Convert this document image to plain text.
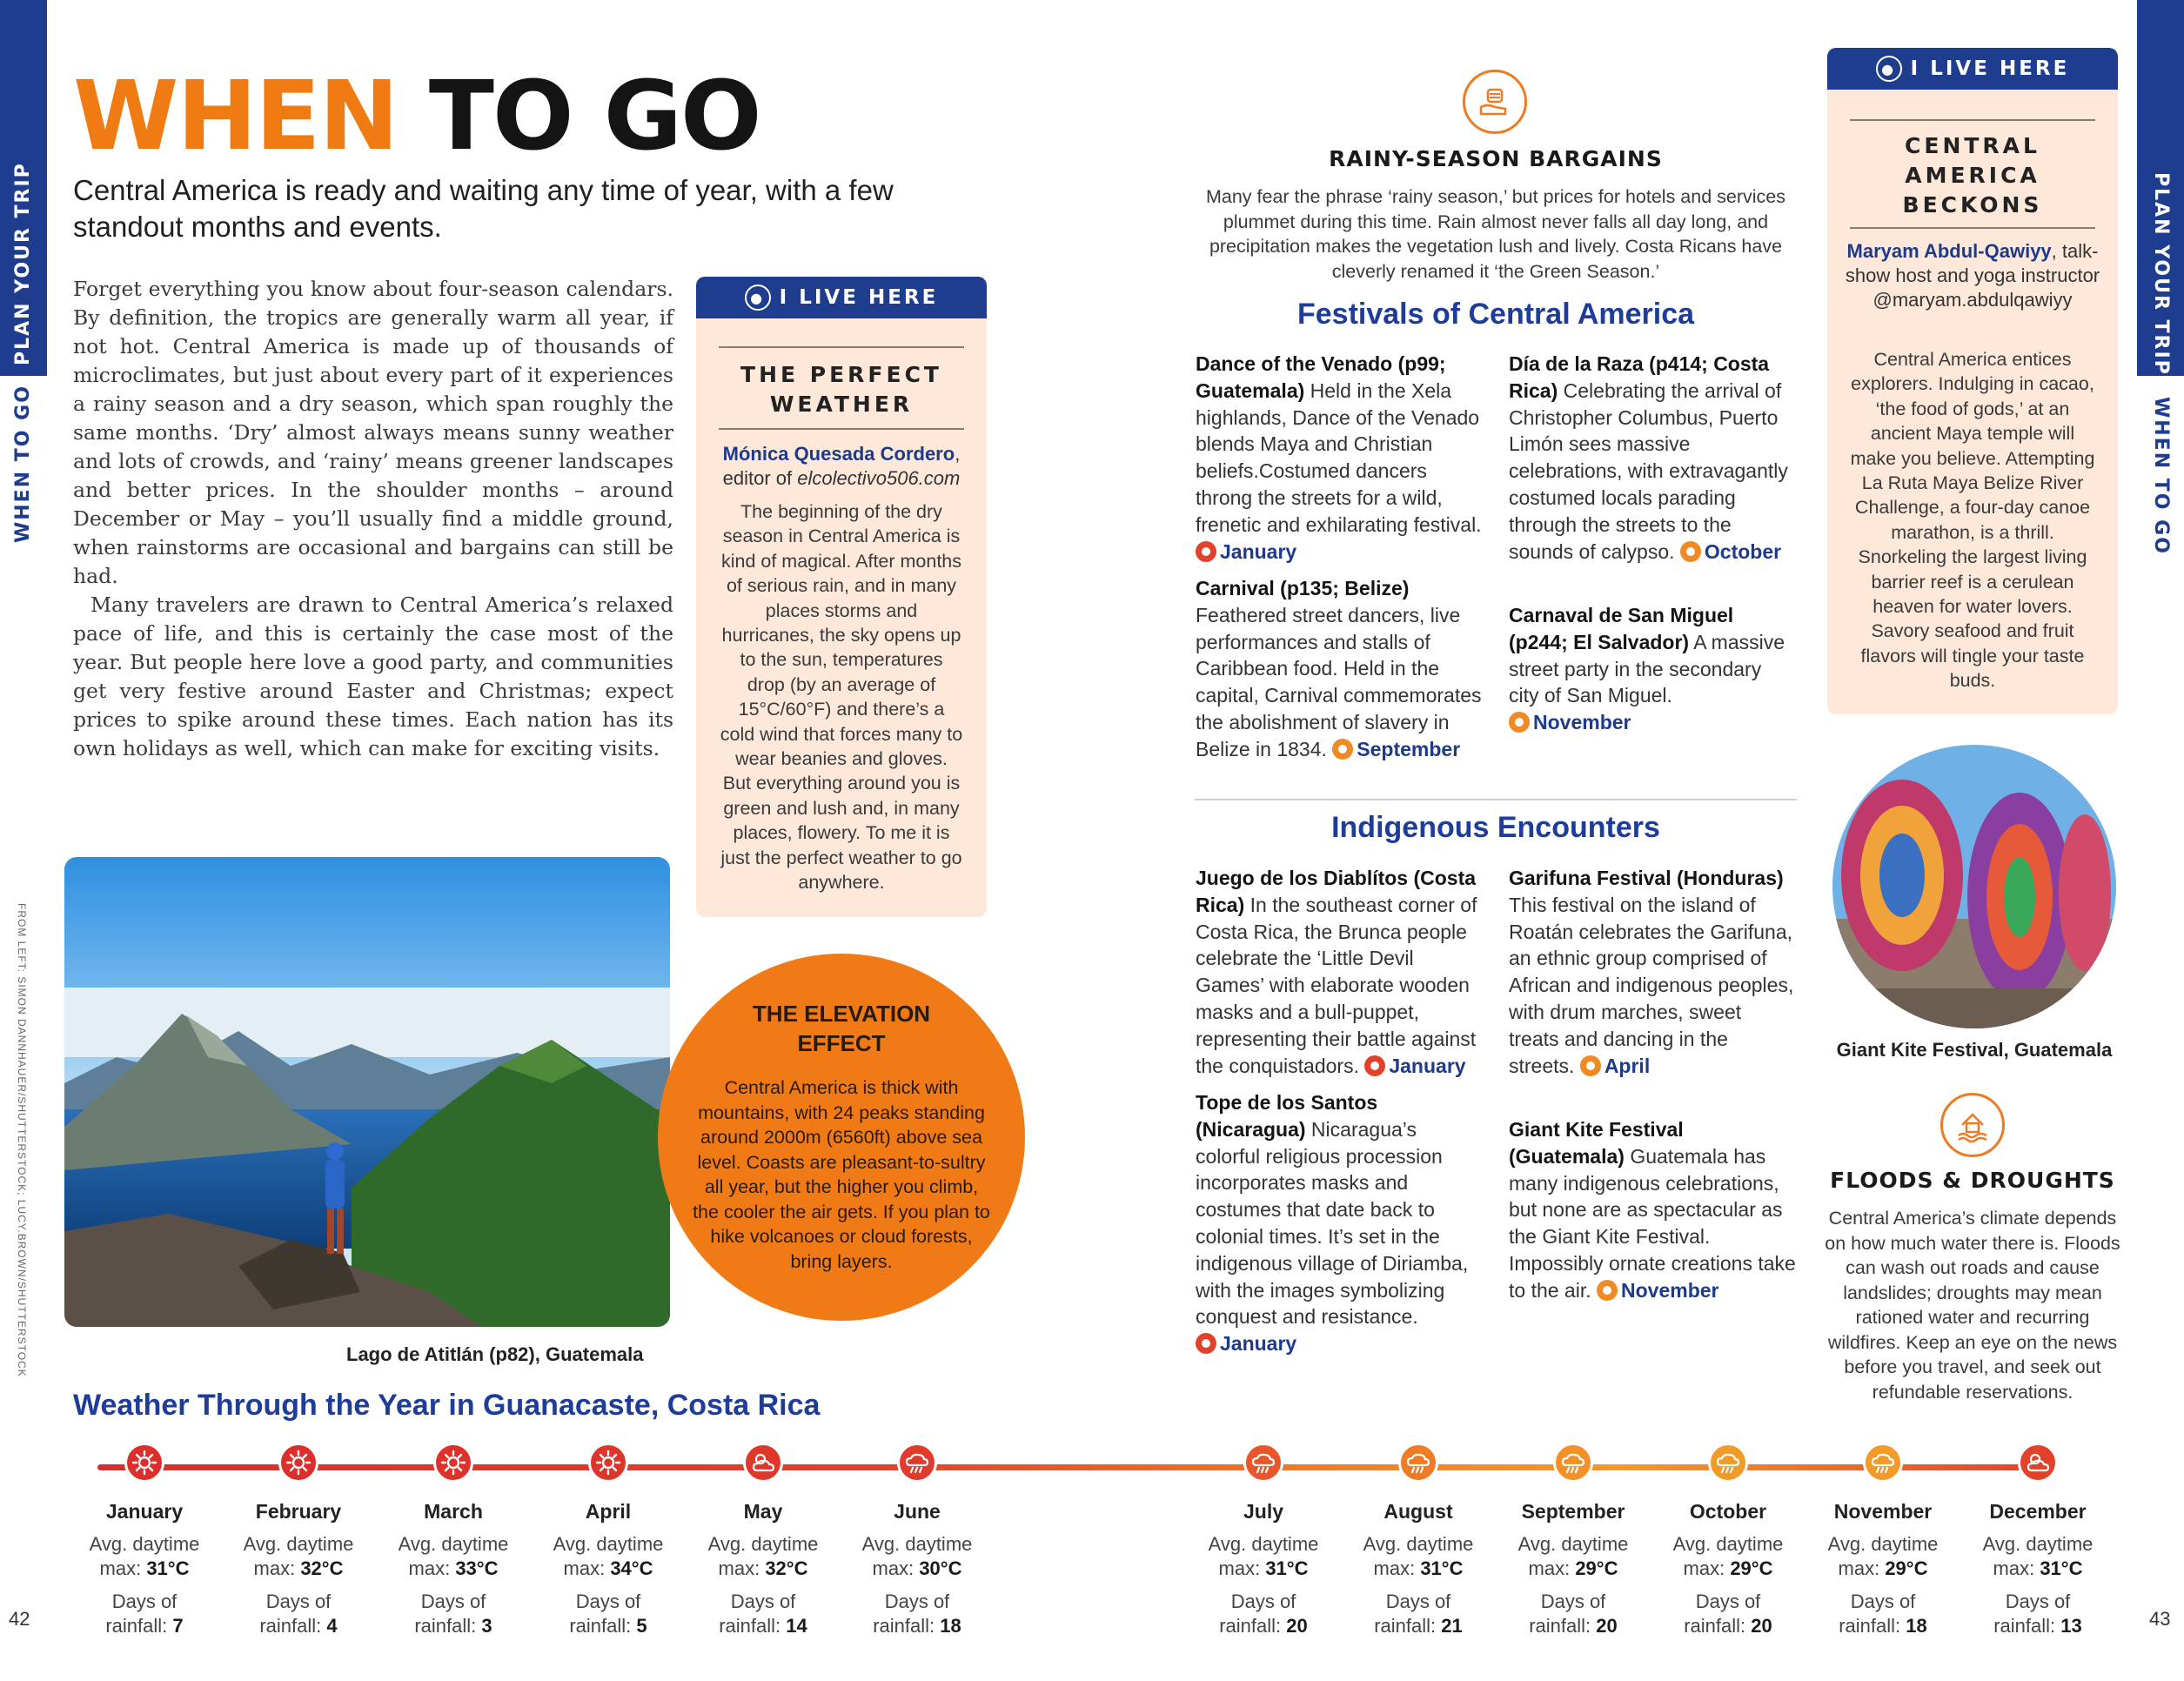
PLAN YOUR TRIP
WHEN TO GO
PLAN YOUR TRIP
WHEN TO GO
WHEN TO GO
Central America is ready and waiting any time of year, with a few standout months and events.

Forget everything you know about four-season calendars. By definition, the tropics are generally warm all year, if not hot. Central America is made up of thousands of microclimates, but just about every part of it experiences a rainy season and a dry season, which span roughly the same months. ‘Dry’ almost always means sunny weather and lots of crowds, and ‘rainy’ means greener landscapes and better prices. In the shoulder months – around December or May – you’ll usually find a middle ground, when rainstorms are occasional and bargains can still be had.

Many travelers are drawn to Central America’s relaxed pace of life, and this is certainly the case most of the year. But people here love a good party, and communities get very festive around Easter and Christmas; expect prices to spike around these times. Each nation has its own holidays as well, which can make for exciting visits.

● I LIVE HERE
THE PERFECT
WEATHER
Mónica Quesada Cordero,
editor of elcolectivo506.com
The beginning of the dry season in Central America is kind of magical. After months of serious rain, and in many places storms and hurricanes, the sky opens up to the sun, temperatures drop (by an average of 15°C/60°F) and there’s a cold wind that forces many to wear beanies and gloves. But everything around you is green and lush and, in many places, flowery. To me it is just the perfect weather to go anywhere.
Lago de Atitlán (p82), Guatemala
FROM LEFT: SIMON DANNHAUER/SHUTTERSTOCK; LUCY.BROWN/SHUTTERSTOCK	THE ELEVATION
EFFECT
Central America is thick with mountains, with 24 peaks standing around 2000m (6560ft) above sea level. Coasts are pleasant-to-sultry all year, but the higher you climb, the cooler the air gets. If you plan to hike volcanoes or cloud forests, bring layers.
RAINY-SEASON BARGAINS
Many fear the phrase ‘rainy season,’ but prices for hotels and services plummet during this time. Rain almost never falls all day long, and precipitation makes the vegetation lush and lively. Costa Ricans have cleverly renamed it ‘the Green Season.’
Festivals of Central America
Dance of the Venado (p99; Guatemala) Held in the Xela highlands, Dance of the Venado blends Maya and Christian beliefs.Costumed dancers throng the streets for a wild, frenetic and exhilarating festival. January
Carnival (p135; Belize) Feathered street dancers, live performances and stalls of Caribbean food. Held in the capital, Carnival commemorates the abolishment of slavery in Belize in 1834. September
Día de la Raza (p414; Costa Rica) Celebrating the arrival of Christopher Columbus, Puerto Limón sees massive celebrations, with extravagantly costumed locals parading through the streets to the sounds of calypso. October
Carnaval de San Miguel (p244; El Salvador) A massive street party in the secondary city of San Miguel. November
Indigenous Encounters
Juego de los Diablítos (Costa Rica) In the southeast corner of Costa Rica, the Brunca people celebrate the ‘Little Devil Games’ with elaborate wooden masks and a bull-puppet, representing their battle against the conquistadors. January
Tope de los Santos (Nicaragua) Nicaragua’s colorful religious procession incorporates masks and costumes that date back to colonial times. It’s set in the indigenous village of Diriamba, with the images symbolizing conquest and resistance. January
Garifuna Festival (Honduras) This festival on the island of Roatán celebrates the Garifuna, an ethnic group comprised of African and indigenous peoples, with drum marches, sweet treats and dancing in the streets. April
Giant Kite Festival (Guatemala) Guatemala has many indigenous celebrations, but none are as spectacular as the Giant Kite Festival. Impossibly ornate creations take to the air. November
● I LIVE HERE
CENTRAL
AMERICA
BECKONS
Maryam Abdul-Qawiyy, talk-show host and yoga instructor @maryam.abdulqawiyy
Central America entices explorers. Indulging in cacao, ‘the food of gods,’ at an ancient Maya temple will make you believe. Attempting La Ruta Maya Belize River Challenge, a four-day canoe marathon, is a thrill. Snorkeling the largest living barrier reef is a cerulean heaven for water lovers. Savory seafood and fruit flavors will tingle your taste buds.
Giant Kite Festival, Guatemala
FLOODS & DROUGHTS
Central America’s climate depends on how much water there is. Floods can wash out roads and cause landslides; droughts may mean rationed water and recurring wildfires. Keep an eye on the news before you travel, and seek out refundable reservations.
Weather Through the Year in Guanacaste, Costa Rica
January
Avg. daytime
max: 31°C
Days of
rainfall: 7
February
Avg. daytime
max: 32°C
Days of
rainfall: 4
March
Avg. daytime
max: 33°C
Days of
rainfall: 3
April
Avg. daytime
max: 34°C
Days of
rainfall: 5
May
Avg. daytime
max: 32°C
Days of
rainfall: 14
June
Avg. daytime
max: 30°C
Days of
rainfall: 18
July
Avg. daytime
max: 31°C
Days of
rainfall: 20
August
Avg. daytime
max: 31°C
Days of
rainfall: 21
September
Avg. daytime
max: 29°C
Days of
rainfall: 20
October
Avg. daytime
max: 29°C
Days of
rainfall: 20
November
Avg. daytime
max: 29°C
Days of
rainfall: 18
December
Avg. daytime
max: 31°C
Days of
rainfall: 13
42	43
